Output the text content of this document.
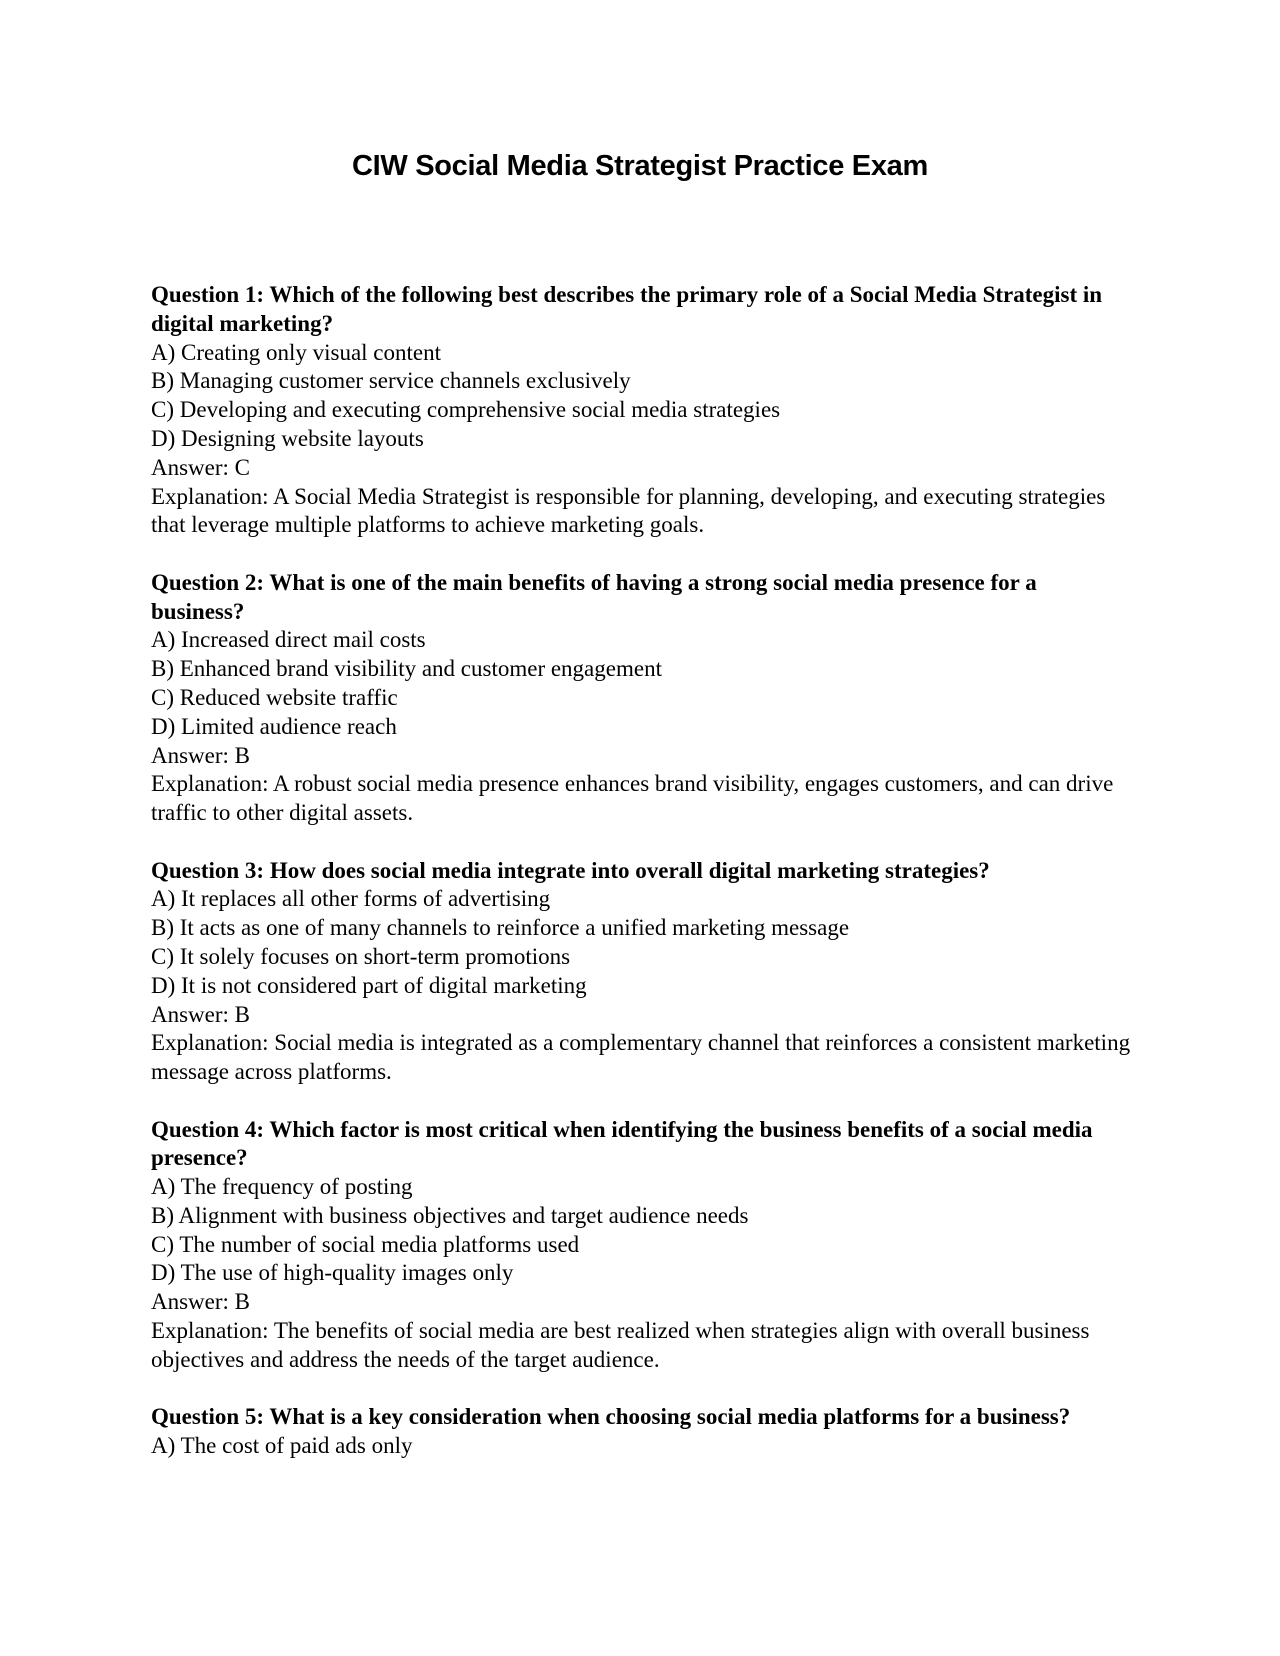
CIW Social Media Strategist Practice Exam
Question 1: Which of the following best describes the primary role of a Social Media Strategist in digital marketing?
A) Creating only visual content
B) Managing customer service channels exclusively
C) Developing and executing comprehensive social media strategies
D) Designing website layouts
Answer: C
Explanation: A Social Media Strategist is responsible for planning, developing, and executing strategies that leverage multiple platforms to achieve marketing goals.
Question 2: What is one of the main benefits of having a strong social media presence for a business?
A) Increased direct mail costs
B) Enhanced brand visibility and customer engagement
C) Reduced website traffic
D) Limited audience reach
Answer: B
Explanation: A robust social media presence enhances brand visibility, engages customers, and can drive traffic to other digital assets.
Question 3: How does social media integrate into overall digital marketing strategies?
A) It replaces all other forms of advertising
B) It acts as one of many channels to reinforce a unified marketing message
C) It solely focuses on short-term promotions
D) It is not considered part of digital marketing
Answer: B
Explanation: Social media is integrated as a complementary channel that reinforces a consistent marketing message across platforms.
Question 4: Which factor is most critical when identifying the business benefits of a social media presence?
A) The frequency of posting
B) Alignment with business objectives and target audience needs
C) The number of social media platforms used
D) The use of high-quality images only
Answer: B
Explanation: The benefits of social media are best realized when strategies align with overall business objectives and address the needs of the target audience.
Question 5: What is a key consideration when choosing social media platforms for a business?
A) The cost of paid ads only
